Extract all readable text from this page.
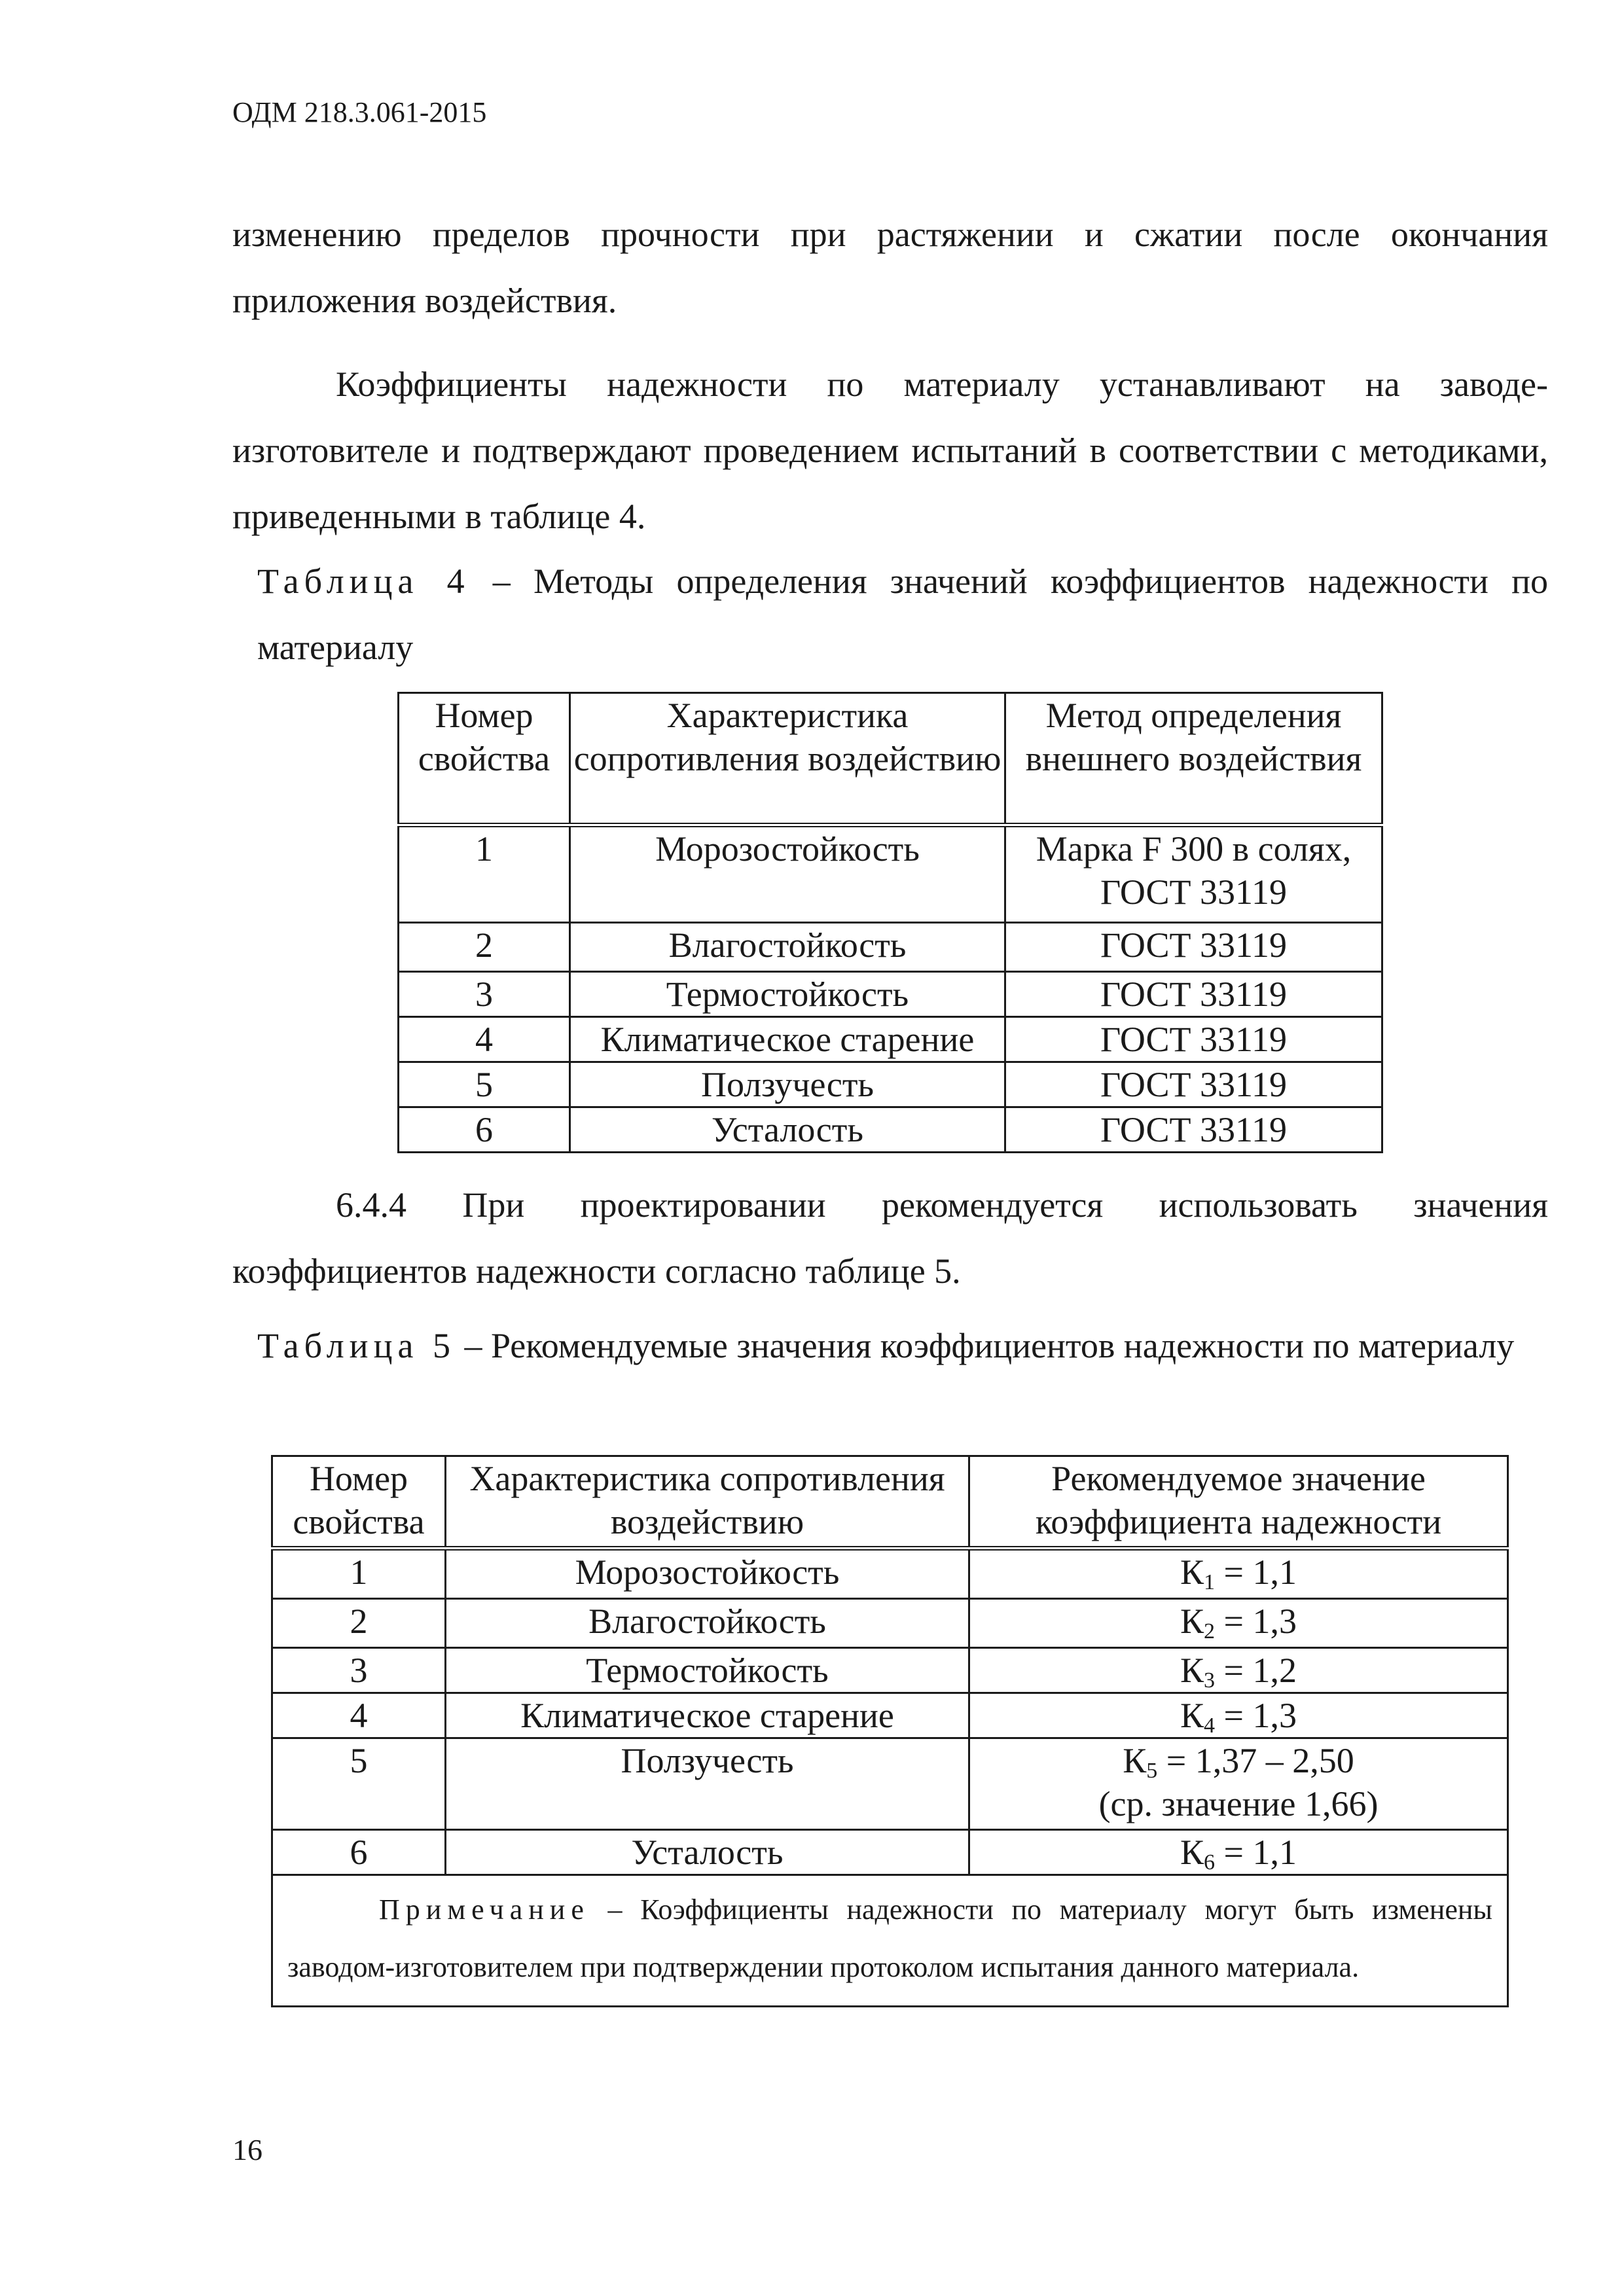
ОДМ 218.3.061-2015

изменению пределов прочности при растяжении и сжатии после окончания приложения воздействия.

Коэффициенты надежности по материалу устанавливают на заводе-изготовителе и подтверждают проведением испытаний в соответствии с методиками, приведенными в таблице 4.

Таблица 4 – Методы определения значений коэффициентов надежности по материалу

Номер свойства	Характеристика сопротивления воздействию	Метод определения внешнего воздействия
1	Морозостойкость	Марка F 300 в солях, ГОСТ 33119
2	Влагостойкость	ГОСТ 33119
3	Термостойкость	ГОСТ 33119
4	Климатическое старение	ГОСТ 33119
5	Ползучесть	ГОСТ 33119
6	Усталость	ГОСТ 33119

6.4.4 При проектировании рекомендуется использовать значения коэффициентов надежности согласно таблице 5.

Таблица 5 – Рекомендуемые значения коэффициентов надежности по материалу

Номер свойства	Характеристика сопротивления воздействию	Рекомендуемое значение коэффициента надежности
1	Морозостойкость	$К_1 = 1,1$
2	Влагостойкость	$К_2 = 1,3$
3	Термостойкость	$К_3 = 1,2$
4	Климатическое старение	$К_4 = 1,3$
5	Ползучесть	$К_5 = 1,37 - 2,50$
(ср. значение 1,66)
6	Усталость	$К_6 = 1,1$
Примечание – Коэффициенты надежности по материалу могут быть изменены заводом-изготовителем при подтверждении протоколом испытания данного материала.		
16
